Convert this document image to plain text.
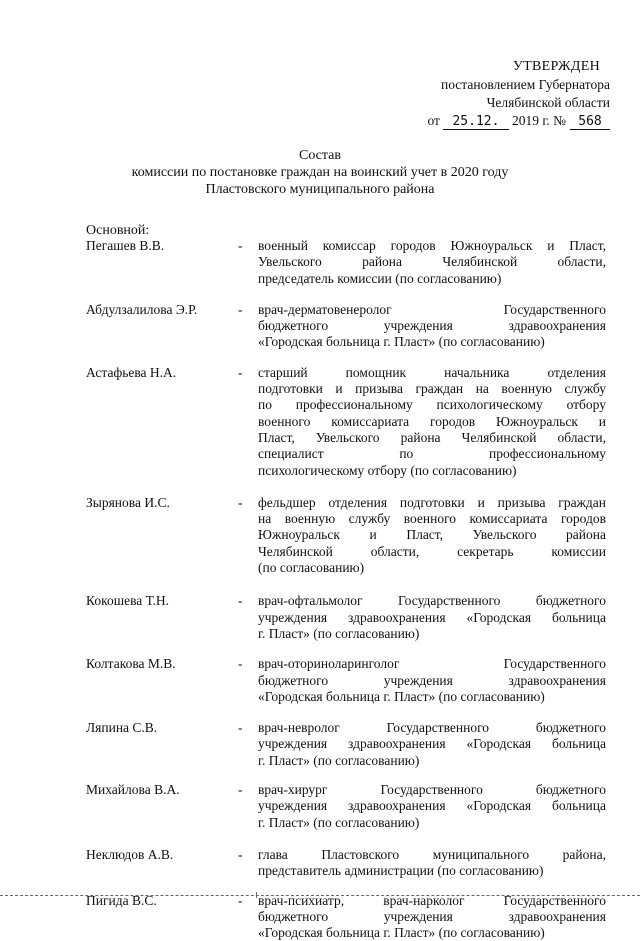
УТВЕРЖДЕН
постановлением Губернатора
Челябинской области
от 25.12. 2019 г. № 568
Состав
комиссии по постановке граждан на воинский учет в 2020 году
Пластовского муниципального района
Основной:
Пегашев В.В.	- военный комиссар городов Южноуральск и Пласт,
Увельского района Челябинской области,
председатель комиссии (по согласованию)
Абдулзалилова Э.Р.	- врач-дерматовенеролог Государственного
бюджетного учреждения здравоохранения
«Городская больница г. Пласт» (по согласованию)
Астафьева Н.А.	- старший помощник начальника отделения
подготовки и призыва граждан на военную службу
по профессиональному психологическому отбору
военного комиссариата городов Южноуральск и
Пласт, Увельского района Челябинской области,
специалист по профессиональному
психологическому отбору (по согласованию)
Зырянова И.С.	- фельдшер отделения подготовки и призыва граждан
на военную службу военного комиссариата городов
Южноуральск и Пласт, Увельского района
Челябинской области, секретарь комиссии
(по согласованию)
Кокошева Т.Н.	- врач-офтальмолог Государственного бюджетного
учреждения здравоохранения «Городская больница
г. Пласт» (по согласованию)
Колтакова М.В.	- врач-оториноларинголог Государственного
бюджетного учреждения здравоохранения
«Городская больница г. Пласт» (по согласованию)
Ляпина С.В.	- врач-невролог Государственного бюджетного
учреждения здравоохранения «Городская больница
г. Пласт» (по согласованию)
Михайлова В.А.	- врач-хирург Государственного бюджетного
учреждения здравоохранения «Городская больница
г. Пласт» (по согласованию)
Неклюдов А.В.	- глава Пластовского муниципального района,
представитель администрации (по согласованию)
Пигида В.С.	- врач-психиатр, врач-нарколог Государственного
бюджетного учреждения здравоохранения
«Городская больница г. Пласт» (по согласованию)
